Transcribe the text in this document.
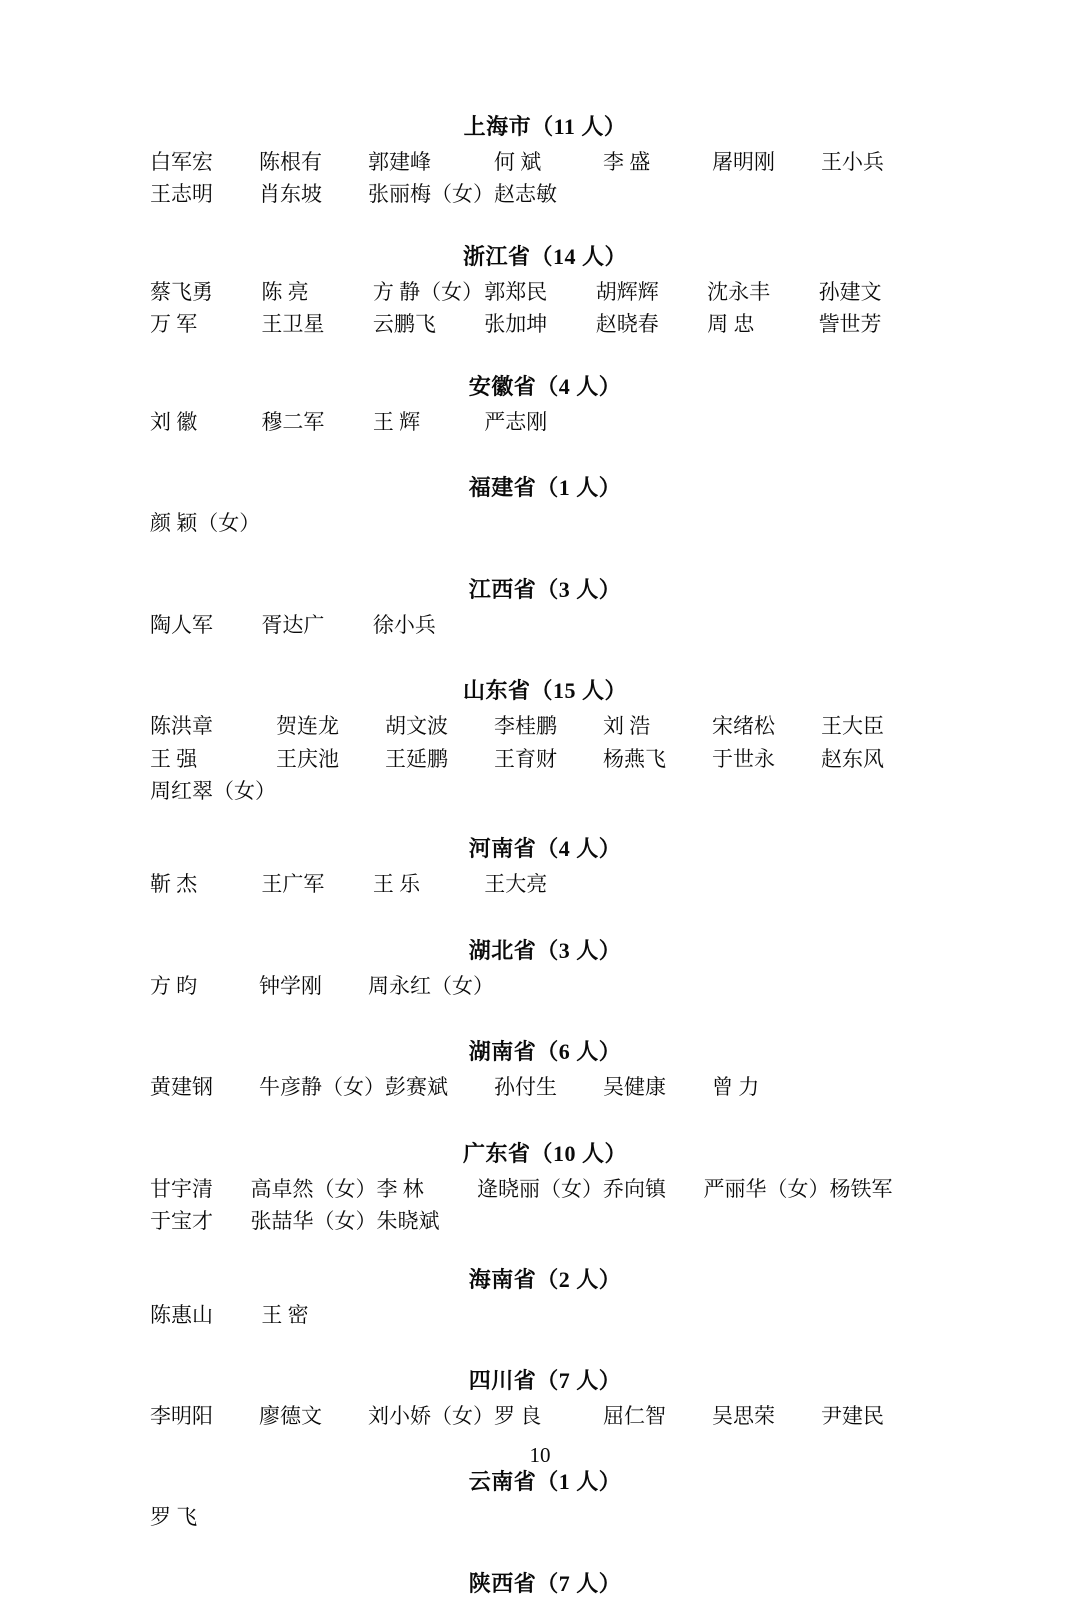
上海市（11 人）
白军宏	陈根有	郭建峰	何 斌	李 盛	屠明刚	王小兵
王志明	肖东坡	张丽梅（女） 赵志敏
浙江省（14 人）
蔡飞勇	陈 亮	方 静（女） 郭郑民	胡辉辉	沈永丰	孙建文
万 军	王卫星	云鹏飞	张加坤	赵晓春	周 忠	訾世芳
安徽省（4 人）
刘 徽	穆二军	王 辉	严志刚
福建省（1 人）
颜 颖（女）
江西省（3 人）
陶人军	胥达广	徐小兵
山东省（15 人）
陈洪章	贺连龙	胡文波	李桂鹏	刘 浩	宋绪松	王大臣
王 强	王庆池	王延鹏	王育财	杨燕飞	于世永	赵东风
周红翠（女）
河南省（4 人）
靳 杰	王广军	王 乐	王大亮
湖北省（3 人）
方 昀	钟学刚	周永红（女）
湖南省（6 人）
黄建钢	牛彦静（女） 彭赛斌	孙付生	吴健康	曾 力
广东省（10 人）
甘宇清	高卓然（女） 李 林	逄晓丽（女） 乔向镇	严丽华（女） 杨铁军
于宝才	张喆华（女） 朱晓斌
海南省（2 人）
陈惠山	王 密
四川省（7 人）
李明阳	廖德文	刘小娇（女） 罗 良	屈仁智	吴思荣	尹建民
云南省（1 人）
罗 飞
陕西省（7 人）
10
